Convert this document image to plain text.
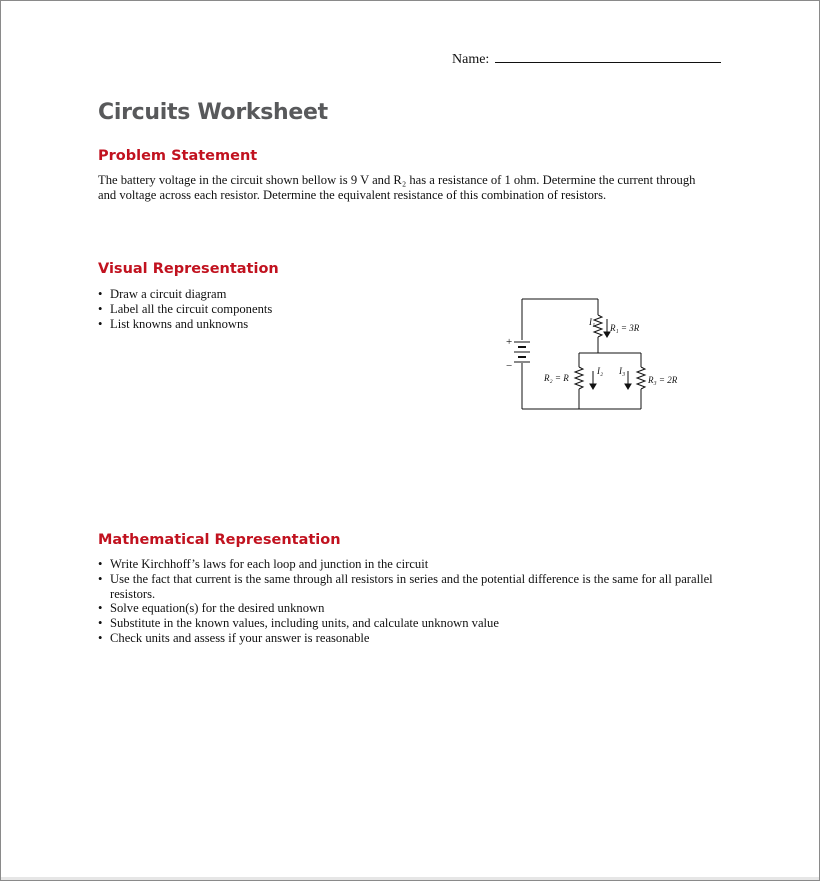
Name:
Circuits Worksheet
Problem Statement

The battery voltage in the circuit shown bellow is 9 V and R₂ has a resistance of 1 ohm. Determine the current through and voltage across each resistor. Determine the equivalent resistance of this combination of resistors.

Visual Representation
• Draw a circuit diagram
• Label all the circuit components
• List knowns and unknowns
+
−
I₁
R₁ = 3R
R₂ = R
I₂ I₃
R₃ = 2R
Mathematical Representation
• Write Kirchhoff’s laws for each loop and junction in the circuit
• Use the fact that current is the same through all resistors in series and the potential difference is the same for all parallel resistors.
• Solve equation(s) for the desired unknown
• Substitute in the known values, including units, and calculate unknown value
• Check units and assess if your answer is reasonable
